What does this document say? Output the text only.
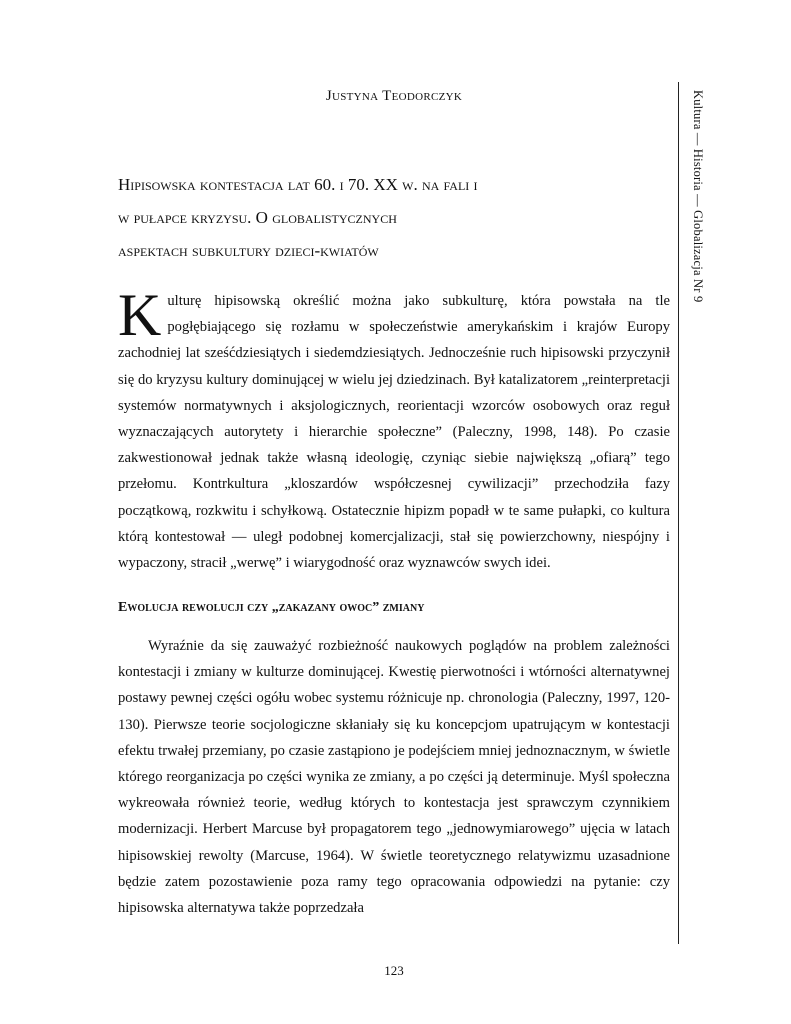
Justyna Teodorczyk
Hipisowska kontestacja lat 60. i 70. XX w. na fali i
w pułapce kryzysu. O globalistycznych
aspektach subkultury dzieci-kwiatów	Kultura — Historia — Globalizacja Nr 9

Kulturę hipisowską określić można jako subkulturę, która powstała na tle pogłębiającego się rozłamu w społeczeństwie amerykańskim i krajów Europy zachodniej lat sześćdziesiątych i siedemdziesiątych. Jednocześnie ruch hipisowski przyczynił się do kryzysu kultury dominującej w wielu jej dziedzinach. Był katalizatorem „reinterpretacji systemów normatywnych i aksjologicznych, reorientacji wzorców osobowych oraz reguł wyznaczających autorytety i hierarchie społeczne” (Paleczny, 1998, 148). Po czasie zakwestionował jednak także własną ideologię, czyniąc siebie największą „ofiarą” tego przełomu. Kontrkultura „kloszardów współczesnej cywilizacji” przechodziła fazy początkową, rozkwitu i schyłkową. Ostatecznie hipizm popadł w te same pułapki, co kultura którą kontestował — uległ podobnej komercjalizacji, stał się powierzchowny, niespójny i wypaczony, stracił „werwę” i wiarygodność oraz wyznawców swych idei.

Ewolucja rewolucji czy „zakazany owoc” zmiany

Wyraźnie da się zauważyć rozbieżność naukowych poglądów na problem zależności kontestacji i zmiany w kulturze dominującej. Kwestię pierwotności i wtórności alternatywnej postawy pewnej części ogółu wobec systemu różnicuje np. chronologia (Paleczny, 1997, 120-130). Pierwsze teorie socjologiczne skłaniały się ku koncepcjom upatrującym w kontestacji efektu trwałej przemiany, po czasie zastąpiono je podejściem mniej jednoznacznym, w świetle którego reorganizacja po części wynika ze zmiany, a po części ją determinuje. Myśl społeczna wykreowała również teorie, według których to kontestacja jest sprawczym czynnikiem modernizacji. Herbert Marcuse był propagatorem tego „jednowymiarowego” ujęcia w latach hipisowskiej rewolty (Marcuse, 1964). W świetle teoretycznego relatywizmu uzasadnione będzie zatem pozostawienie poza ramy tego opracowania odpowiedzi na pytanie: czy hipisowska alternatywa także poprzedzała

123
